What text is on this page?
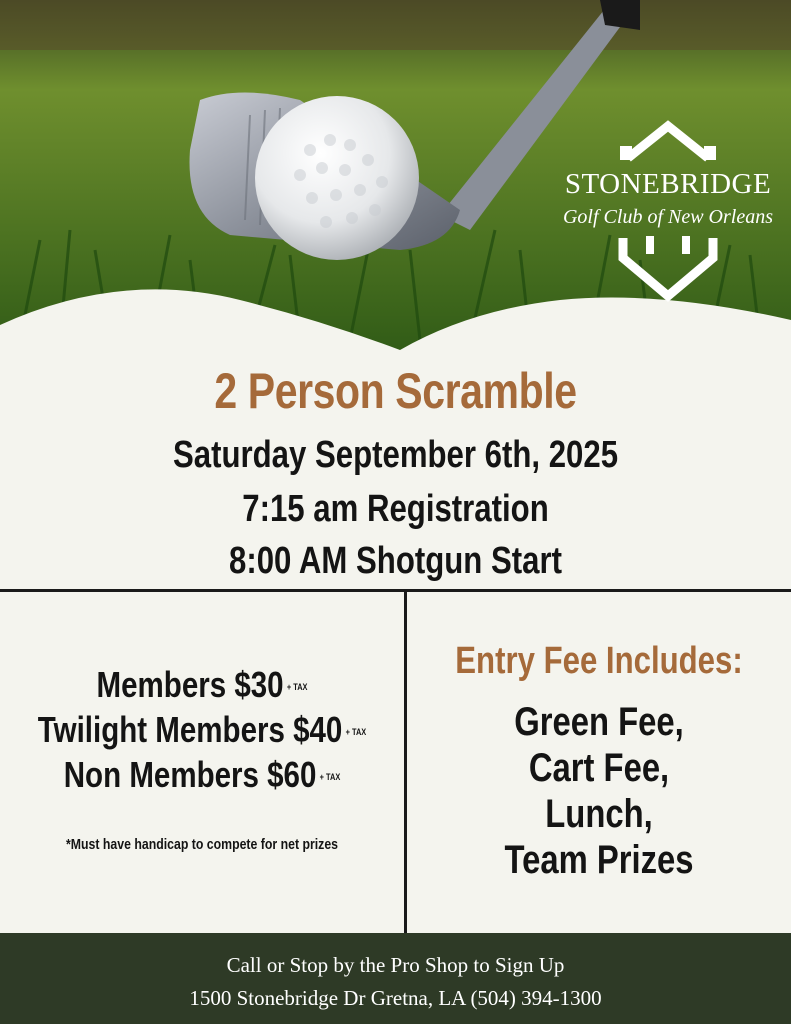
STONEBRIDGE
Golf Club of New Orleans
2 Person Scramble
Saturday September 6th, 2025
7:15 am Registration
8:00 AM Shotgun Start
Members $30 + TAX
Twilight Members $40 + TAX
Non Members $60 + TAX
*Must have handicap to compete for net prizes
Entry Fee Includes:
Green Fee,
Cart Fee,
Lunch,
Team Prizes
Call or Stop by the Pro Shop to Sign Up
1500 Stonebridge Dr Gretna, LA (504) 394-1300
